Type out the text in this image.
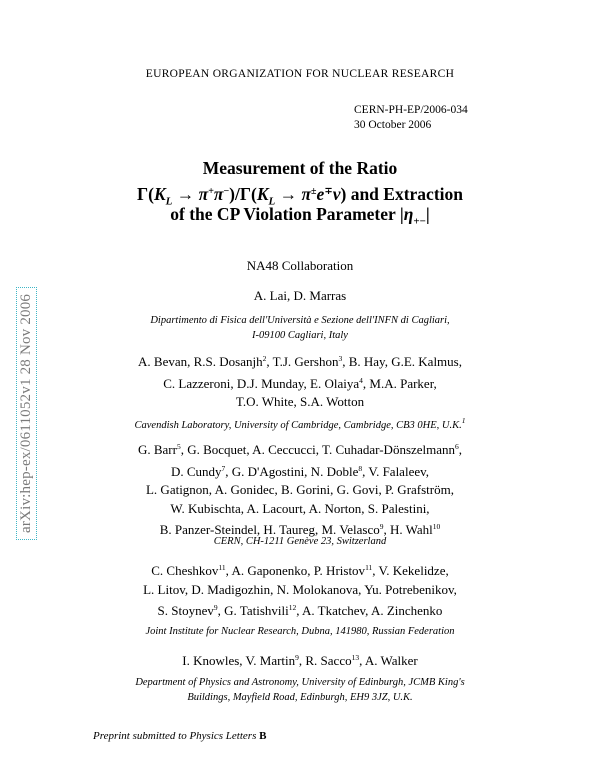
EUROPEAN ORGANIZATION FOR NUCLEAR RESEARCH
CERN-PH-EP/2006-034
30 October 2006
Measurement of the Ratio
$\Gamma(K_L \to \pi^+\pi^-)/\Gamma(K_L \to \pi^\pm e^\mp\nu)$ and Extraction
of the CP Violation Parameter $|\eta_{+-}|$
NA48 Collaboration
A. Lai, D. Marras
Dipartimento di Fisica dell'Università e Sezione dell'INFN di Cagliari,
I-09100 Cagliari, Italy
A. Bevan, R.S. Dosanjh$^2$, T.J. Gershon$^3$, B. Hay, G.E. Kalmus,
C. Lazzeroni, D.J. Munday, E. Olaiya$^4$, M.A. Parker,
T.O. White, S.A. Wotton
Cavendish Laboratory, University of Cambridge, Cambridge, CB3 0HE, U.K.$^1$
G. Barr$^5$, G. Bocquet, A. Ceccucci, T. Cuhadar-Dönszelmann$^6$,
D. Cundy$^7$, G. D'Agostini, N. Doble$^8$, V. Falaleev,
L. Gatignon, A. Gonidec, B. Gorini, G. Govi, P. Grafström,
W. Kubischta, A. Lacourt, A. Norton, S. Palestini,
B. Panzer-Steindel, H. Taureg, M. Velasco$^9$, H. Wahl$^{10}$
CERN, CH-1211 Genève 23, Switzerland
C. Cheshkov$^{11}$, A. Gaponenko, P. Hristov$^{11}$, V. Kekelidze,
L. Litov, D. Madigozhin, N. Molokanova, Yu. Potrebenikov,
S. Stoynev$^9$, G. Tatishvili$^{12}$, A. Tkatchev, A. Zinchenko
Joint Institute for Nuclear Research, Dubna, 141980, Russian Federation
I. Knowles, V. Martin$^9$, R. Sacco$^{13}$, A. Walker
Department of Physics and Astronomy, University of Edinburgh, JCMB King's
Buildings, Mayfield Road, Edinburgh, EH9 3JZ, U.K.
Preprint submitted to Physics Letters B
arXiv:hep-ex/0611052v1 28 Nov 2006
